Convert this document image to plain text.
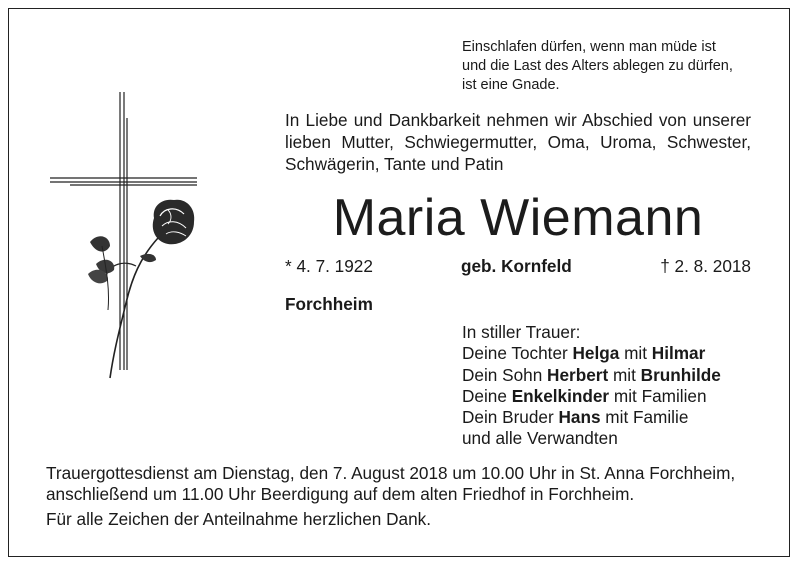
Einschlafen dürfen, wenn man müde ist
und die Last des Alters ablegen zu dürfen,
ist eine Gnade.
In Liebe und Dankbarkeit nehmen wir Abschied von unserer lieben Mutter, Schwiegermutter, Oma, Uroma, Schwester, Schwägerin, Tante und Patin
Maria Wiemann
* 4. 7. 1922	geb. Kornfeld	† 2. 8. 2018
Forchheim
In stiller Trauer:
Deine Tochter Helga mit Hilmar
Dein Sohn Herbert mit Brunhilde
Deine Enkelkinder mit Familien
Dein Bruder Hans mit Familie
und alle Verwandten
Trauergottesdienst am Dienstag, den 7. August 2018 um 10.00 Uhr in St. Anna Forchheim,
anschließend um 11.00 Uhr Beerdigung auf dem alten Friedhof in Forchheim.
Für alle Zeichen der Anteilnahme herzlichen Dank.
